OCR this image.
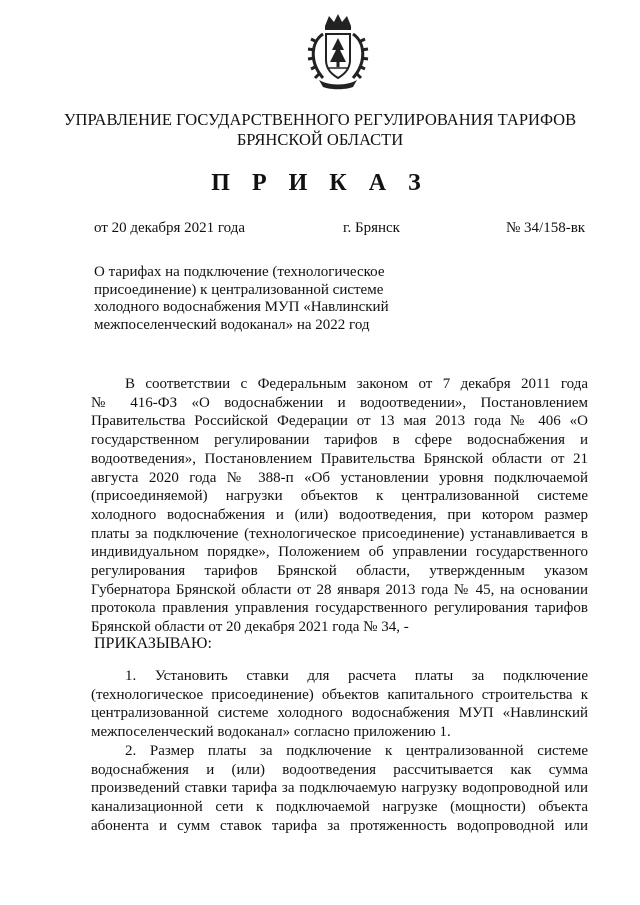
УПРАВЛЕНИЕ ГОСУДАРСТВЕННОГО РЕГУЛИРОВАНИЯ ТАРИФОВ
БРЯНСКОЙ ОБЛАСТИ
П Р И К А З
от 20 декабря 2021 года	г. Брянск	№ 34/158-вк
О тарифах на подключение (технологическое
присоединение) к централизованной системе
холодного водоснабжения МУП «Навлинский
межпоселенческий водоканал» на 2022 год
В соответствии с Федеральным законом от 7 декабря 2011 года
№ 416-ФЗ «О водоснабжении и водоотведении», Постановлением
Правительства Российской Федерации от 13 мая 2013 года № 406 «О
государственном регулировании тарифов в сфере водоснабжения и
водоотведения», Постановлением Правительства Брянской области от 21
августа 2020 года № 388-п «Об установлении уровня подключаемой
(присоединяемой) нагрузки объектов к централизованной системе
холодного водоснабжения и (или) водоотведения, при котором размер
платы за подключение (технологическое присоединение) устанавливается в
индивидуальном порядке», Положением об управлении государственного
регулирования тарифов Брянской области, утвержденным указом
Губернатора Брянской области от 28 января 2013 года № 45, на основании
протокола правления управления государственного регулирования тарифов
Брянской области от 20 декабря 2021 года № 34, -
ПРИКАЗЫВАЮ:
1. Установить ставки для расчета платы за подключение
(технологическое присоединение) объектов капитального строительства к
централизованной системе холодного водоснабжения МУП «Навлинский
межпоселенческий водоканал» согласно приложению 1.
2. Размер платы за подключение к централизованной системе
водоснабжения и (или) водоотведения рассчитывается как сумма
произведений ставки тарифа за подключаемую нагрузку водопроводной или
канализационной сети к подключаемой нагрузке (мощности) объекта
абонента и сумм ставок тарифа за протяженность водопроводной или
